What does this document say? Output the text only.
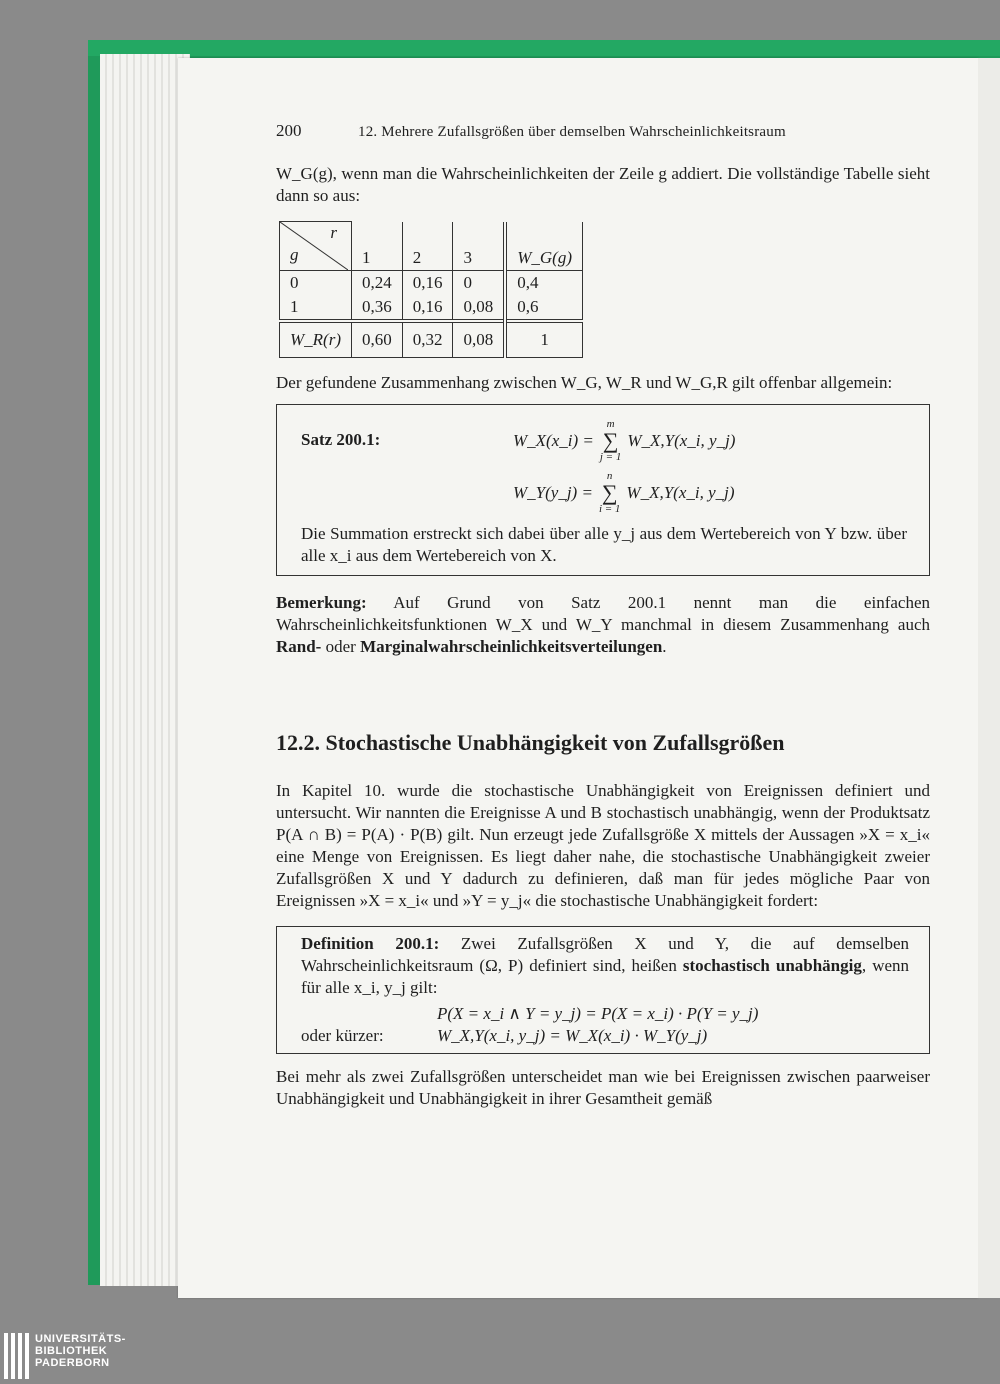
200	12. Mehrere Zufallsgrößen über demselben Wahrscheinlichkeitsraum

W_G(g), wenn man die Wahrscheinlichkeiten der Zeile g addiert. Die vollständige Tabelle sieht dann so aus:

r
g				

	1	2	3	W_G(g)
0	0,24	0,16	0	0,4
1	0,36	0,16	0,08	0,6
W_R(r)	0,60	0,32	0,08	1

Der gefundene Zusammenhang zwischen W_G, W_R und W_G,R gilt offenbar allgemein:

Satz 200.1:	W_X(x_i) =
m
∑
j = 1
W_X,Y(x_i, y_j)
W_Y(y_j) =
n
∑
i = 1
W_X,Y(x_i, y_j)

Die Summation erstreckt sich dabei über alle y_j aus dem Wertebereich von Y bzw. über alle x_i aus dem Wertebereich von X.

Bemerkung: Auf Grund von Satz 200.1 nennt man die einfachen Wahrscheinlichkeitsfunktionen W_X und W_Y manchmal in diesem Zusammenhang auch Rand- oder Marginalwahrscheinlichkeitsverteilungen.

12.2. Stochastische Unabhängigkeit von Zufallsgrößen

In Kapitel 10. wurde die stochastische Unabhängigkeit von Ereignissen definiert und untersucht. Wir nannten die Ereignisse A und B stochastisch unabhängig, wenn der Produktsatz P(A ∩ B) = P(A) · P(B) gilt. Nun erzeugt jede Zufallsgröße X mittels der Aussagen »X = x_i« eine Menge von Ereignissen. Es liegt daher nahe, die stochastische Unabhängigkeit zweier Zufallsgrößen X und Y dadurch zu definieren, daß man für jedes mögliche Paar von Ereignissen »X = x_i« und »Y = y_j« die stochastische Unabhängigkeit fordert:

Definition 200.1: Zwei Zufallsgrößen X und Y, die auf demselben Wahrscheinlichkeitsraum (Ω, P) definiert sind, heißen stochastisch unabhängig, wenn für alle x_i, y_j gilt:

P(X = x_i ∧ Y = y_j) = P(X = x_i) · P(Y = y_j)
oder kürzer:	W_X,Y(x_i, y_j) = W_X(x_i) · W_Y(y_j)

Bei mehr als zwei Zufallsgrößen unterscheidet man wie bei Ereignissen zwischen paarweiser Unabhängigkeit und Unabhängigkeit in ihrer Gesamtheit gemäß

UNIVERSITÄTS-
BIBLIOTHEK
PADERBORN
